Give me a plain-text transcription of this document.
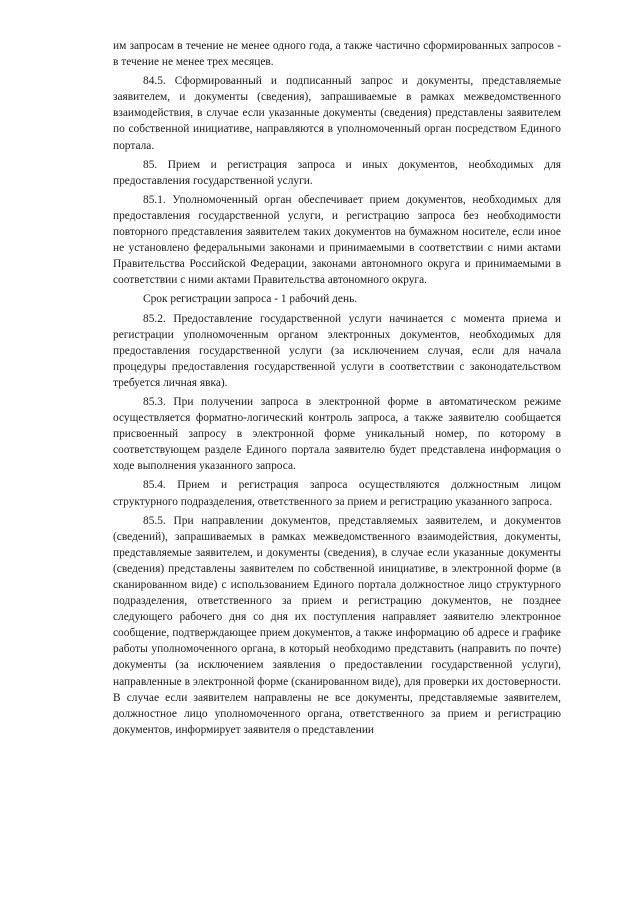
им запросам в течение не менее одного года, а также частично сформированных запросов - в течение не менее трех месяцев.

84.5. Сформированный и подписанный запрос и документы, представляемые заявителем, и документы (сведения), запрашиваемые в рамках межведомственного взаимодействия, в случае если указанные документы (сведения) представлены заявителем по собственной инициативе, направляются в уполномоченный орган посредством Единого портала.

85. Прием и регистрация запроса и иных документов, необходимых для предоставления государственной услуги.

85.1. Уполномоченный орган обеспечивает прием документов, необходимых для предоставления государственной услуги, и регистрацию запроса без необходимости повторного представления заявителем таких документов на бумажном носителе, если иное не установлено федеральными законами и принимаемыми в соответствии с ними актами Правительства Российской Федерации, законами автономного округа и принимаемыми в соответствии с ними актами Правительства автономного округа.

Срок регистрации запроса - 1 рабочий день.

85.2. Предоставление государственной услуги начинается с момента приема и регистрации уполномоченным органом электронных документов, необходимых для предоставления государственной услуги (за исключением случая, если для начала процедуры предоставления государственной услуги в соответствии с законодательством требуется личная явка).

85.3. При получении запроса в электронной форме в автоматическом режиме осуществляется форматно-логический контроль запроса, а также заявителю сообщается присвоенный запросу в электронной форме уникальный номер, по которому в соответствующем разделе Единого портала заявителю будет представлена информация о ходе выполнения указанного запроса.

85.4. Прием и регистрация запроса осуществляются должностным лицом структурного подразделения, ответственного за прием и регистрацию указанного запроса.

85.5. При направлении документов, представляемых заявителем, и документов (сведений), запрашиваемых в рамках межведомственного взаимодействия, документы, представляемые заявителем, и документы (сведения), в случае если указанные документы (сведения) представлены заявителем по собственной инициативе, в электронной форме (в сканированном виде) с использованием Единого портала должностное лицо структурного подразделения, ответственного за прием и регистрацию документов, не позднее следующего рабочего дня со дня их поступления направляет заявителю электронное сообщение, подтверждающее прием документов, а также информацию об адресе и графике работы уполномоченного органа, в который необходимо представить (направить по почте) документы (за исключением заявления о предоставлении государственной услуги), направленные в электронной форме (сканированном виде), для проверки их достоверности. В случае если заявителем направлены не все документы, представляемые заявителем, должностное лицо уполномоченного органа, ответственного за прием и регистрацию документов, информирует заявителя о представлении
